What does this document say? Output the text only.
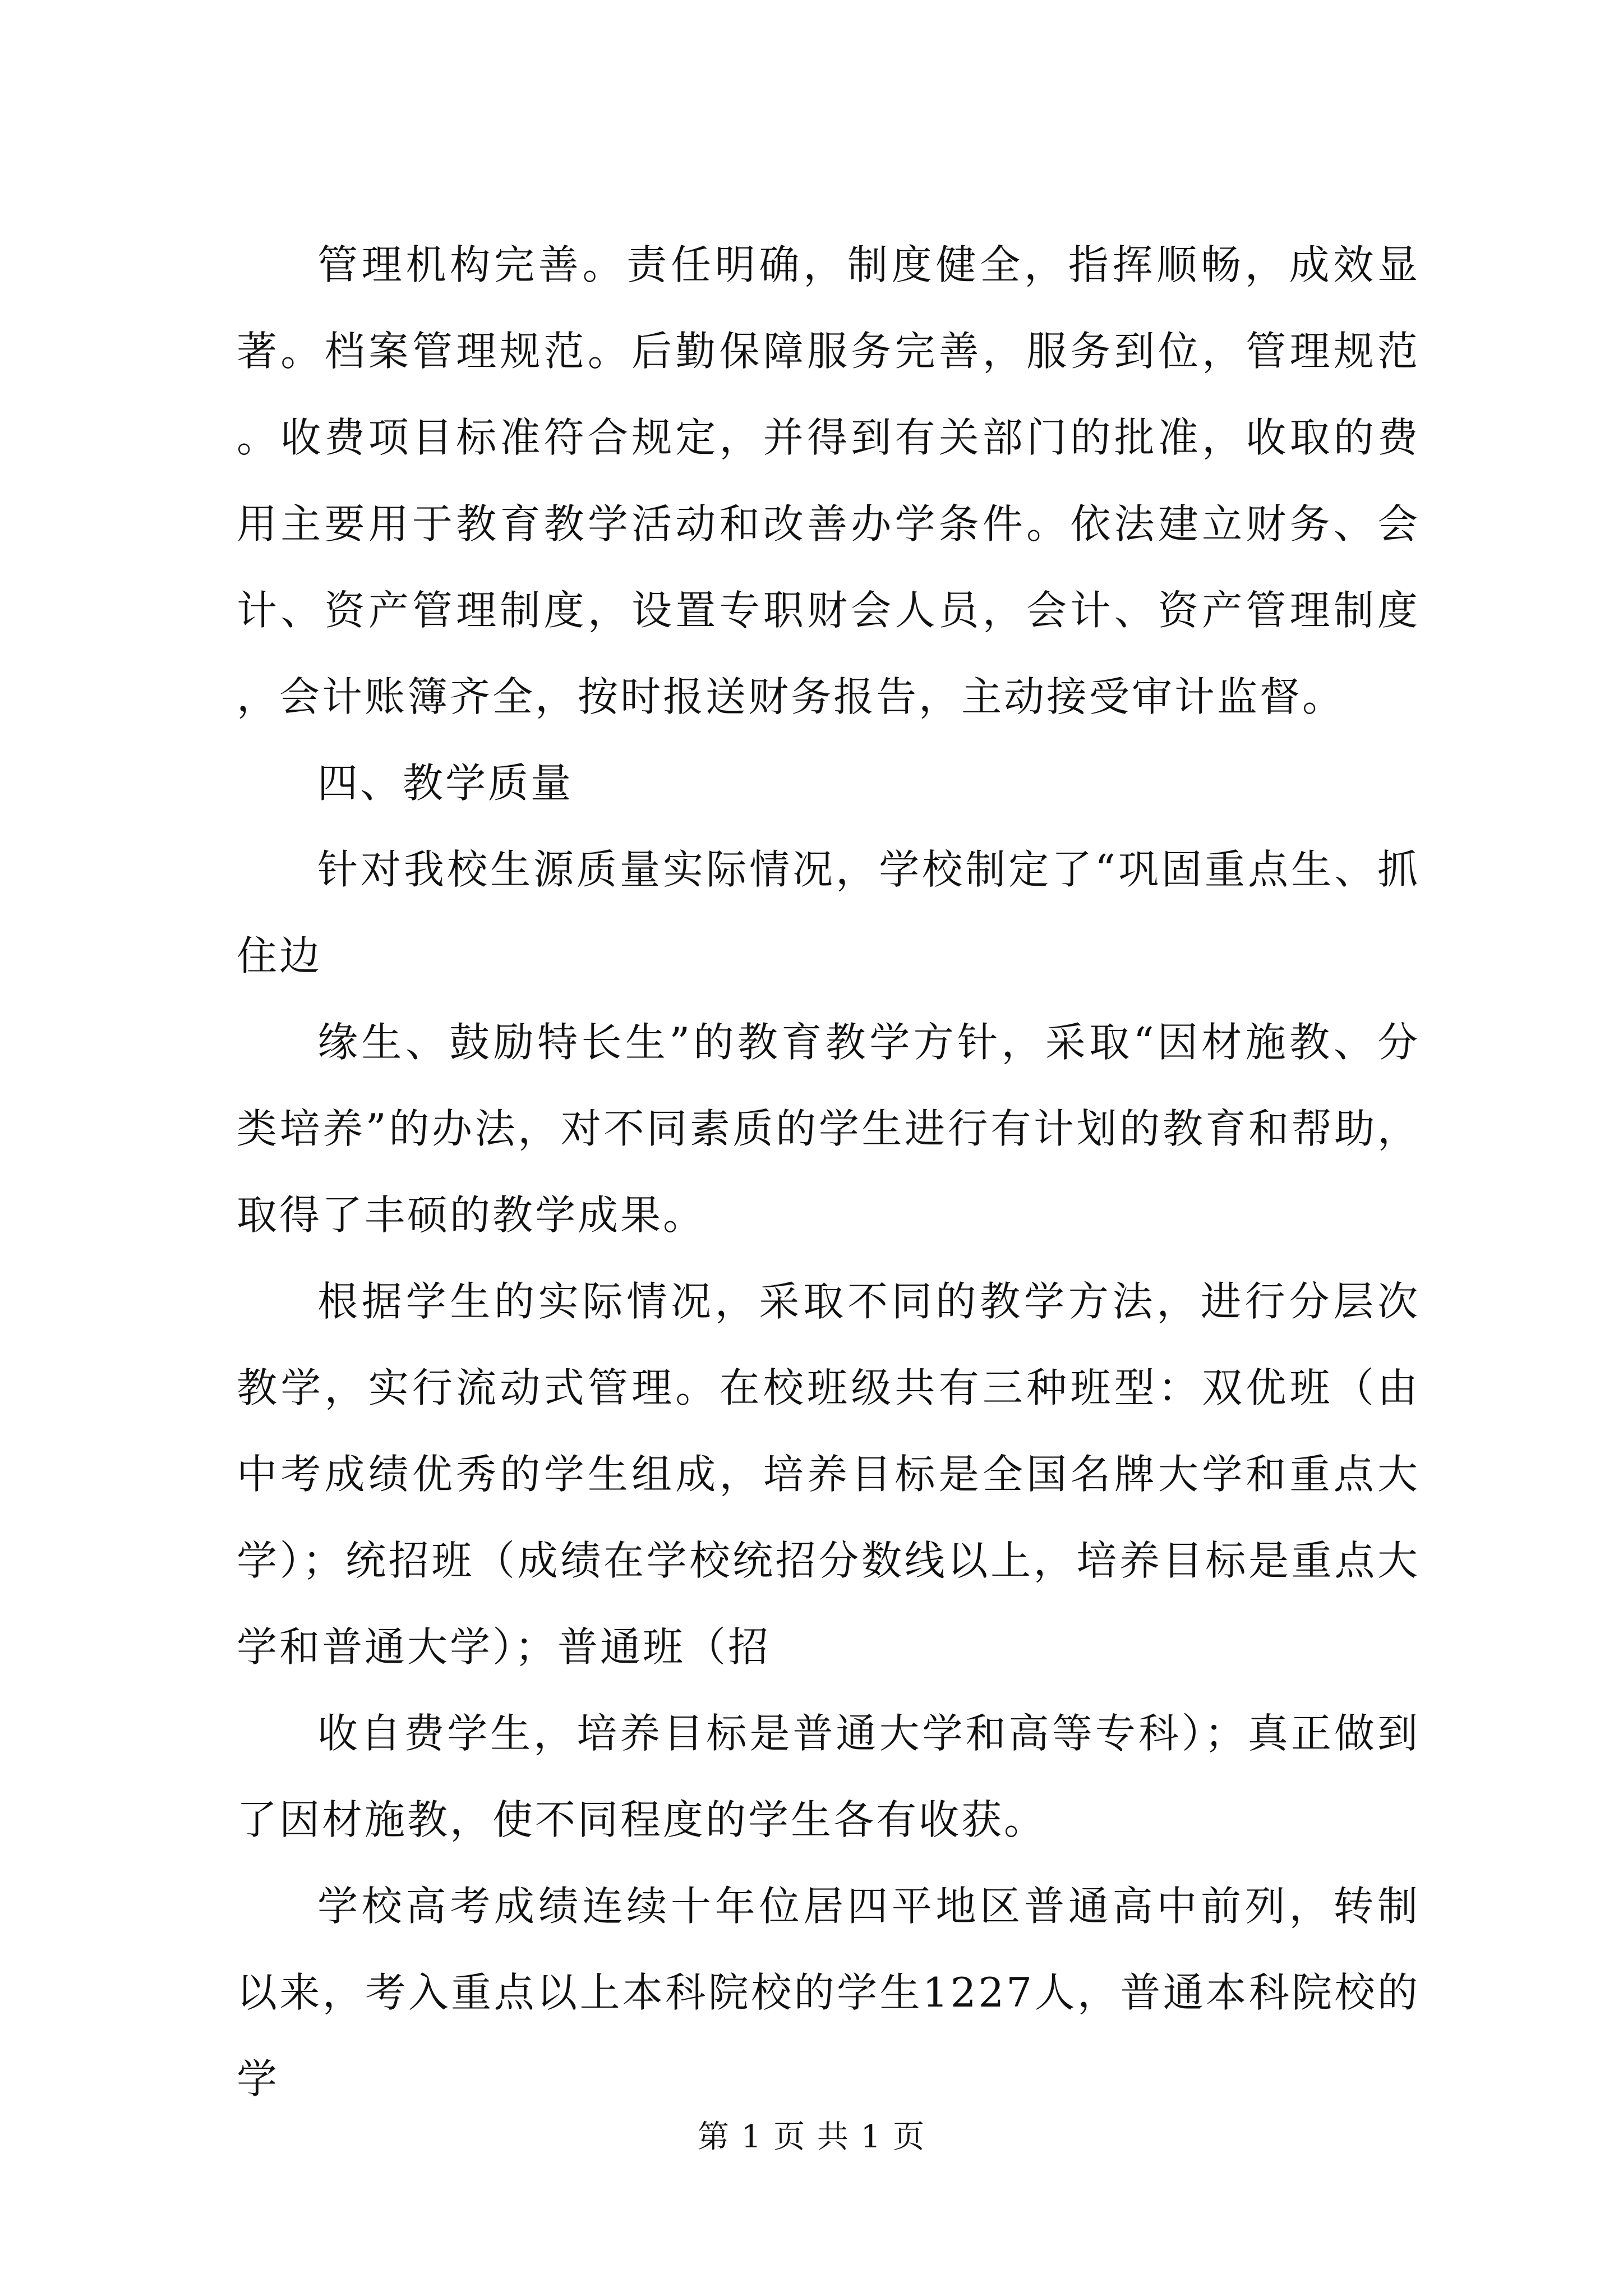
管理机构完善。责任明确，制度健全，指挥顺畅，成效显著。档案管理规范。后勤保障服务完善，服务到位，管理规范。收费项目标准符合规定，并得到有关部门的批准，收取的费用主要用于教育教学活动和改善办学条件。依法建立财务、会计、资产管理制度，设置专职财会人员，会计、资产管理制度，会计账簿齐全，按时报送财务报告，主动接受审计监督。

四、教学质量

针对我校生源质量实际情况，学校制定了“巩固重点生、抓住边

缘生、鼓励特长生”的教育教学方针，采取“因材施教、分类培养”的办法，对不同素质的学生进行有计划的教育和帮助，取得了丰硕的教学成果。

根据学生的实际情况，采取不同的教学方法，进行分层次教学，实行流动式管理。在校班级共有三种班型：双优班（由中考成绩优秀的学生组成，培养目标是全国名牌大学和重点大学）；统招班（成绩在学校统招分数线以上，培养目标是重点大学和普通大学）；普通班（招

收自费学生，培养目标是普通大学和高等专科）；真正做到了因材施教，使不同程度的学生各有收获。

学校高考成绩连续十年位居四平地区普通高中前列，转制以来，考入重点以上本科院校的学生1227人，普通本科院校的学

第 1 页 共 1 页
